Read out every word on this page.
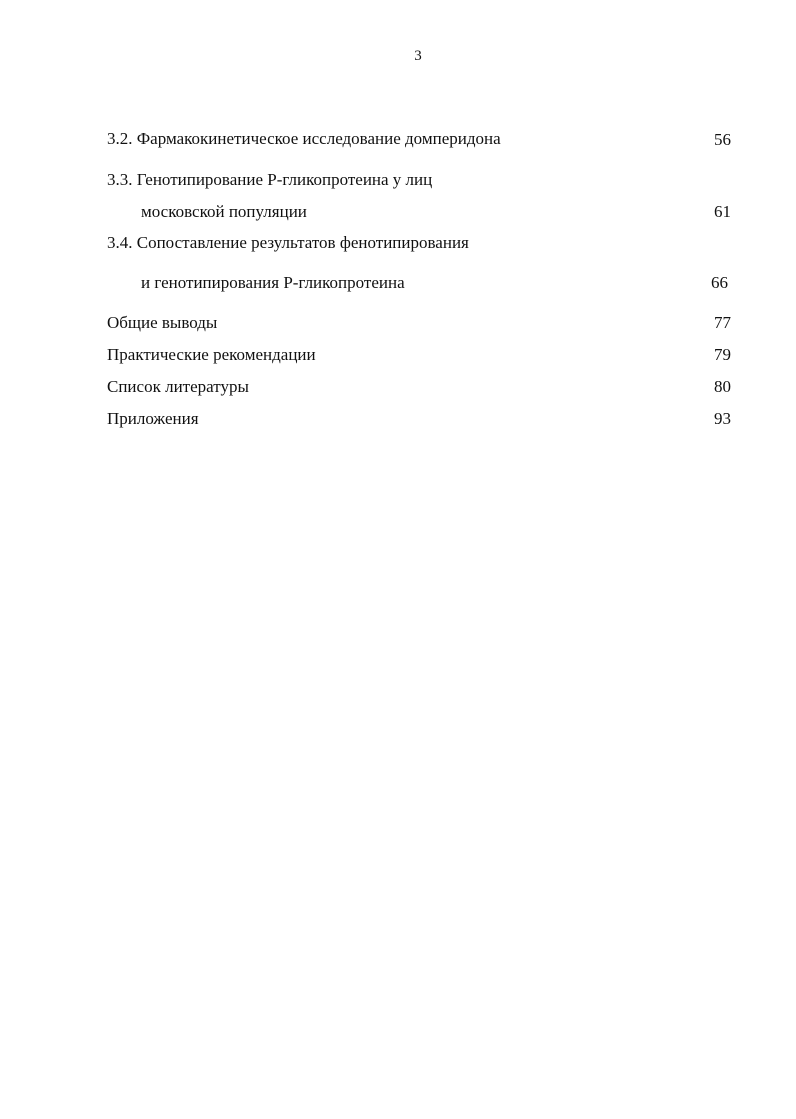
3
3.2. Фармакокинетическое исследование домперидона	56
3.3. Генотипирование Р-гликопротеина у лиц
московской популяции	61
3.4. Сопоставление результатов фенотипирования
и генотипирования Р-гликопротеина	66
Общие выводы	77
Практические рекомендации	79
Список литературы	80
Приложения	93
